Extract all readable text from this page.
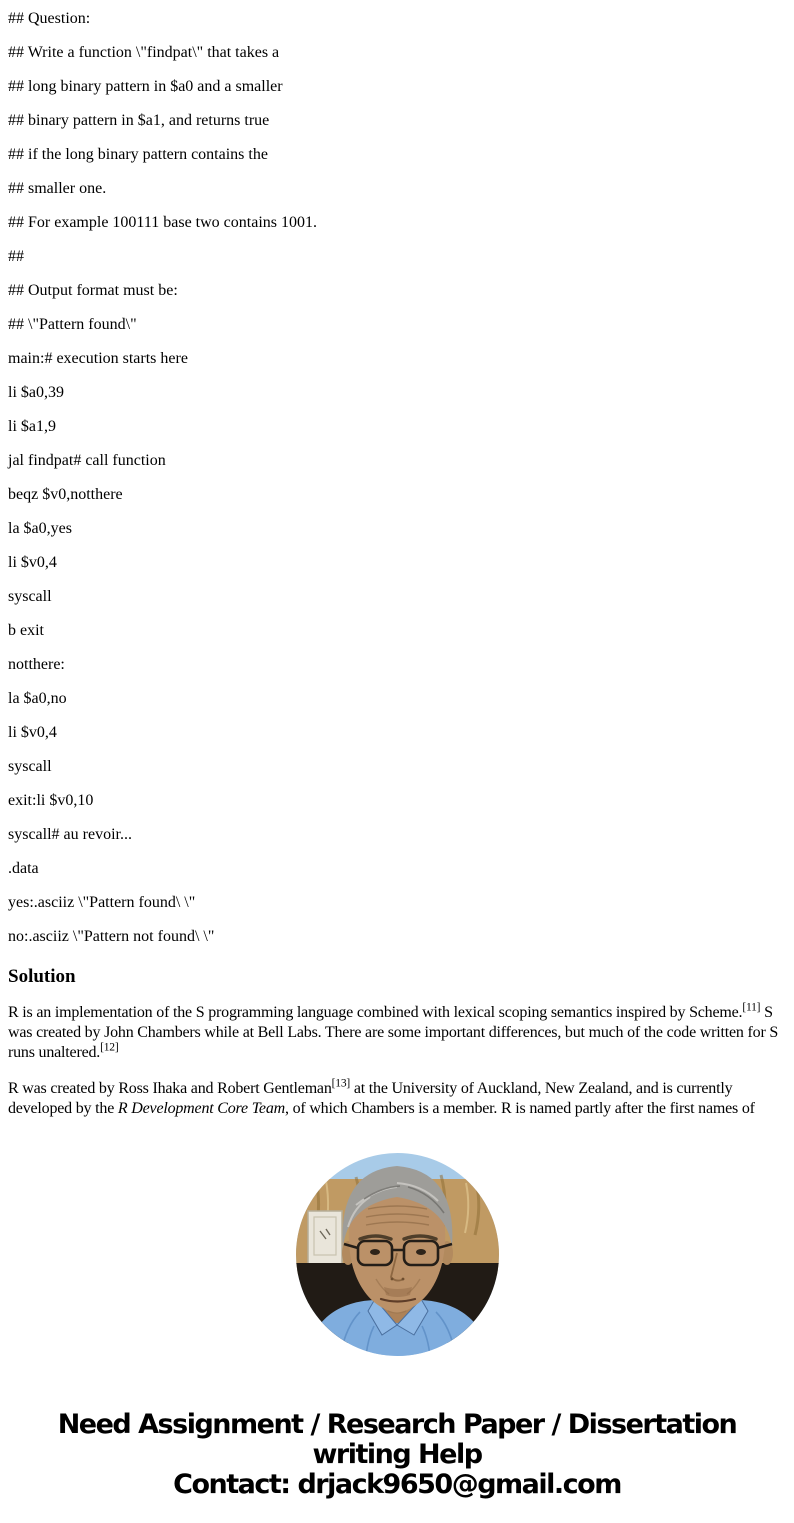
## Question:

## Write a function \"findpat\" that takes a

## long binary pattern in $a0 and a smaller

## binary pattern in $a1, and returns true

## if the long binary pattern contains the

## smaller one.

## For example 100111 base two contains 1001.

##

## Output format must be:

## \"Pattern found\"

main:# execution starts here

li $a0,39

li $a1,9

jal findpat# call function

beqz $v0,notthere

la $a0,yes

li $v0,4

syscall

b exit

notthere:

la $a0,no

li $v0,4

syscall

exit:li $v0,10

syscall# au revoir...

.data

yes:.asciiz \"Pattern found\ \"

no:.asciiz \"Pattern not found\ \"

Solution

R is an implementation of the S programming language combined with lexical scoping semantics inspired by Scheme.[11] S was created by John Chambers while at Bell Labs. There are some important differences, but much of the code written for S runs unaltered.[12]

R was created by Ross Ihaka and Robert Gentleman[13] at the University of Auckland, New Zealand, and is currently developed by the R Development Core Team, of which Chambers is a member. R is named partly after the first names of

Need Assignment / Research Paper / Dissertation writing Help
Contact: drjack9650@gmail.com
